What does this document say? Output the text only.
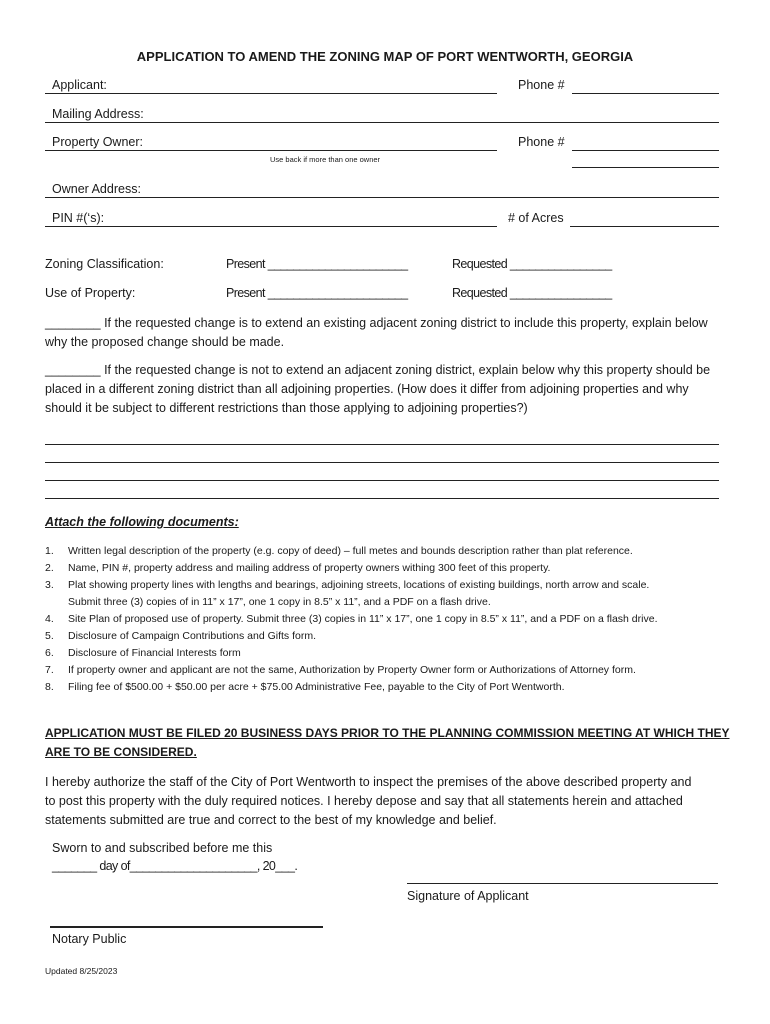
APPLICATION TO AMEND THE ZONING MAP OF PORT WENTWORTH, GEORGIA
Applicant:	Phone #
Mailing Address:
Property Owner:	Phone #
Use back if more than one owner
Owner Address:
PIN #(‘s):	# of Acres
Zoning Classification:	Present ______________________	Requested ________________
Use of Property:	Present ______________________	Requested ________________
________ If the requested change is to extend an existing adjacent zoning district to include this property, explain below
why the proposed change should be made.
________ If the requested change is not to extend an adjacent zoning district, explain below why this property should be
placed in a different zoning district than all adjoining properties. (How does it differ from adjoining properties and why
should it be subject to different restrictions than those applying to adjoining properties?)
Attach the following documents:
1. Written legal description of the property (e.g. copy of deed) – full metes and bounds description rather than plat reference.
2. Name, PIN #, property address and mailing address of property owners withing 300 feet of this property.
3. Plat showing property lines with lengths and bearings, adjoining streets, locations of existing buildings, north arrow and scale.
Submit three (3) copies of in 11” x 17”, one 1 copy in 8.5” x 11”, and a PDF on a flash drive.
4. Site Plan of proposed use of property. Submit three (3) copies in 11” x 17”, one 1 copy in 8.5” x 11”, and a PDF on a flash drive.
5. Disclosure of Campaign Contributions and Gifts form.
6. Disclosure of Financial Interests form
7. If property owner and applicant are not the same, Authorization by Property Owner form or Authorizations of Attorney form.
8. Filing fee of $500.00 + $50.00 per acre + $75.00 Administrative Fee, payable to the City of Port Wentworth.
APPLICATION MUST BE FILED 20 BUSINESS DAYS PRIOR TO THE PLANNING COMMISSION MEETING AT WHICH THEY
ARE TO BE CONSIDERED.
I hereby authorize the staff of the City of Port Wentworth to inspect the premises of the above described property and
to post this property with the duly required notices. I hereby depose and say that all statements herein and attached
statements submitted are true and correct to the best of my knowledge and belief.
Sworn to and subscribed before me this
_______ day of____________________, 20___.
Signature of Applicant
Notary Public
Updated 8/25/2023
